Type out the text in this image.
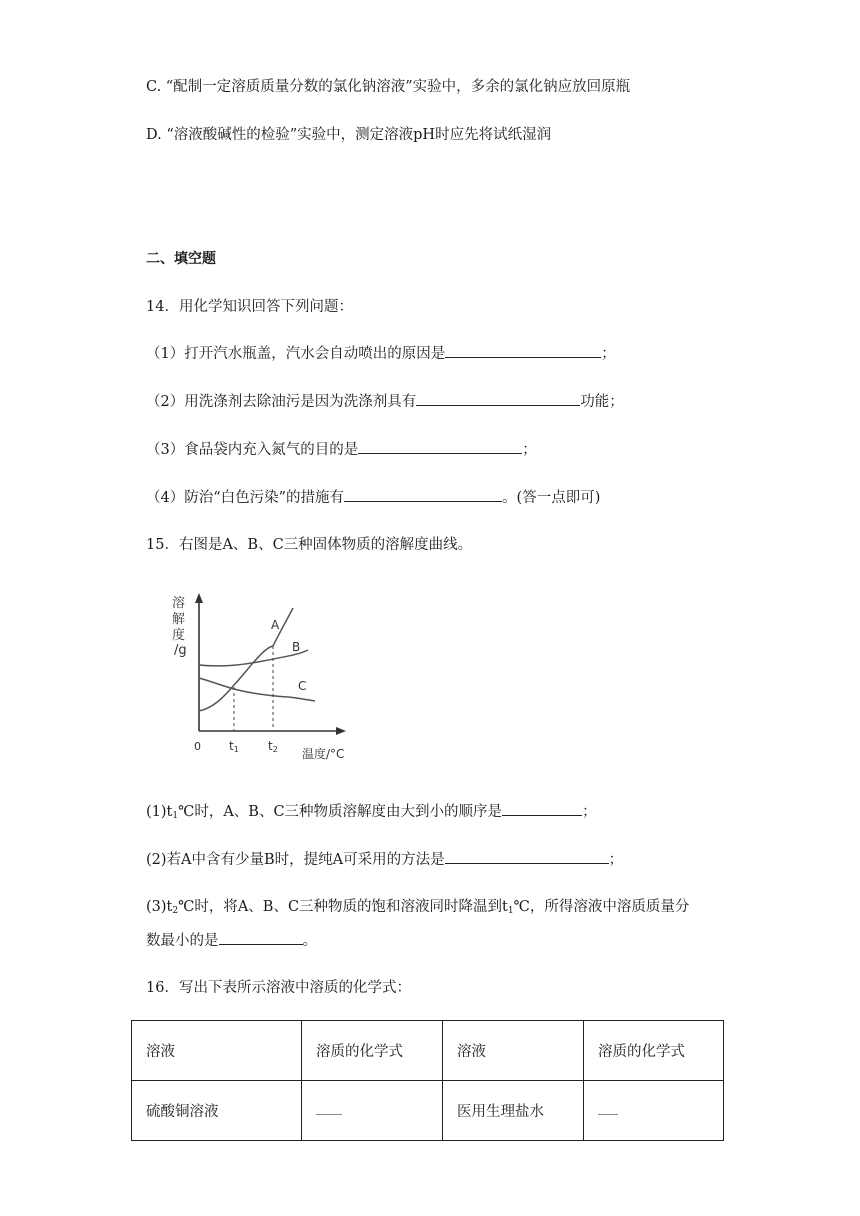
C. “配制一定溶质质量分数的氯化钠溶液”实验中，多余的氯化钠应放回原瓶
D. “溶液酸碱性的检验”实验中，测定溶液pH时应先将试纸湿润
二、填空题
14．用化学知识回答下列问题：
（1）打开汽水瓶盖，汽水会自动喷出的原因是	；
（2）用洗涤剂去除油污是因为洗涤剂具有	功能；
（3）食品袋内充入氮气的目的是	；
（4）防治“白色污染”的措施有	。(答一点即可)
15．右图是A、B、C三种固体物质的溶解度曲线。
溶
解
度
/g
A
B
C
0 t1 t2 温度/°C
$(1)t_1℃$时，A、B、C三种物质溶解度由大到小的顺序是	；
(2)若A中含有少量B时，提纯A可采用的方法是	；
$(3)t_2℃$时，将A、B、C三种物质的饱和溶液同时降温到$t_1℃$，所得溶液中溶质质量分
数最小的是	。
16．写出下表所示溶液中溶质的化学式：
溶液	溶质的化学式	溶液	溶质的化学式
硫酸铜溶液		医用生理盐水	
